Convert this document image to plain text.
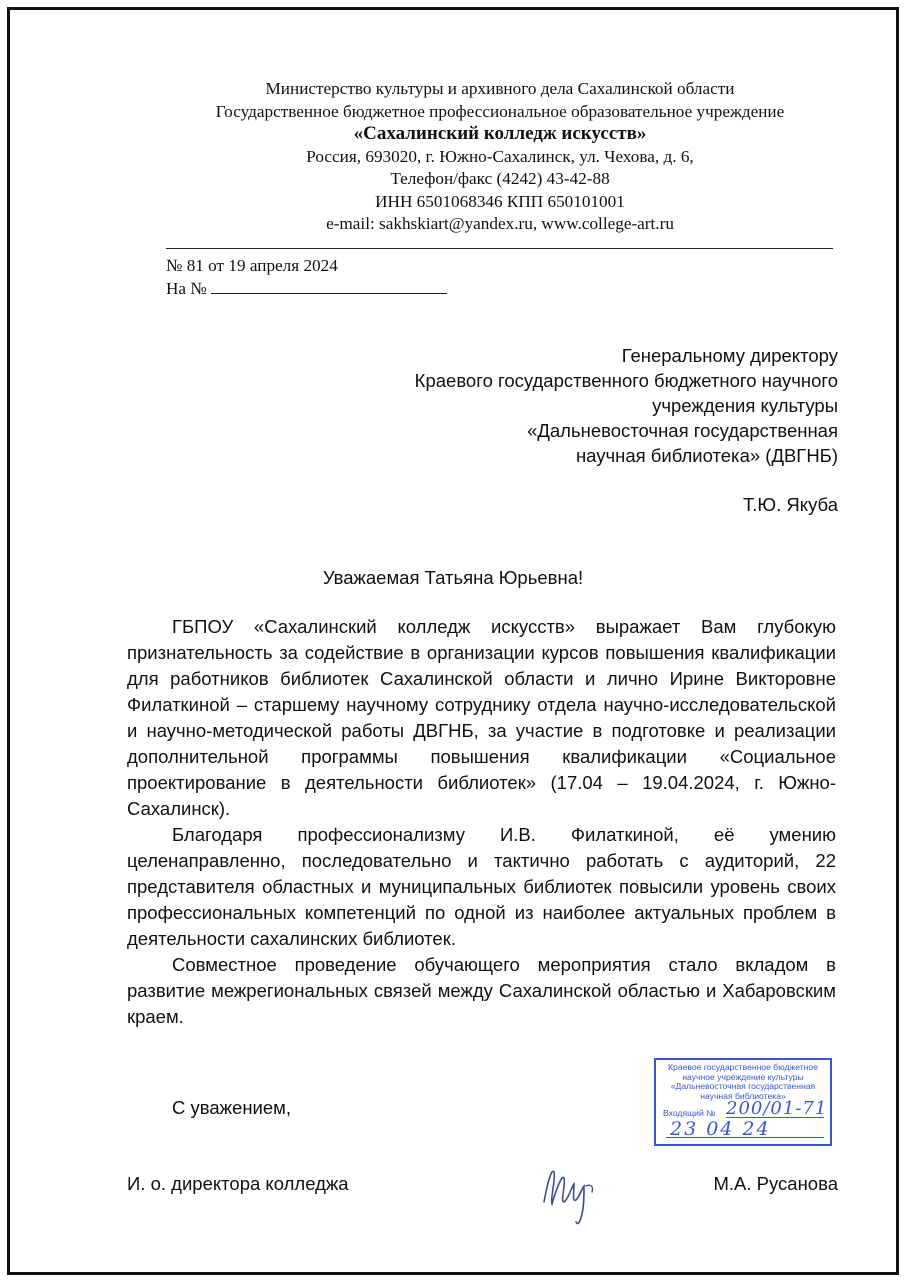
Министерство культуры и архивного дела Сахалинской области
Государственное бюджетное профессиональное образовательное учреждение
«Сахалинский колледж искусств»
Россия, 693020, г. Южно-Сахалинск, ул. Чехова, д. 6,
Телефон/факс (4242) 43-42-88
ИНН 6501068346 КПП 650101001
e-mail: sakhskiart@yandex.ru, www.college-art.ru
№ 81 от 19 апреля 2024
На №
Генеральному директору
Краевого государственного бюджетного научного
учреждения культуры
«Дальневосточная государственная
научная библиотека» (ДВГНБ)
Т.Ю. Якуба
Уважаемая Татьяна Юрьевна!

ГБПОУ «Сахалинский колледж искусств» выражает Вам глубокую признательность за содействие в организации курсов повышения квалификации для работников библиотек Сахалинской области и лично Ирине Викторовне Филаткиной – старшему научному сотруднику отдела научно-исследовательской и научно-методической работы ДВГНБ, за участие в подготовке и реализации дополнительной программы повышения квалификации «Социальное проектирование в деятельности библиотек» (17.04 – 19.04.2024, г. Южно-Сахалинск).

Благодаря профессионализму И.В. Филаткиной, её умению целенаправленно, последовательно и тактично работать с аудиторий, 22 представителя областных и муниципальных библиотек повысили уровень своих профессиональных компетенций по одной из наиболее актуальных проблем в деятельности сахалинских библиотек.

Совместное проведение обучающего мероприятия стало вкладом в развитие межрегиональных связей между Сахалинской областью и Хабаровским краем.

Краевое государственное бюджетное научное учреждение культуры «Дальневосточная государственная научная библиотека»
Входящий № 200/01-71
23 04 24
С уважением,
И. о. директора колледжа	М.А. Русанова
